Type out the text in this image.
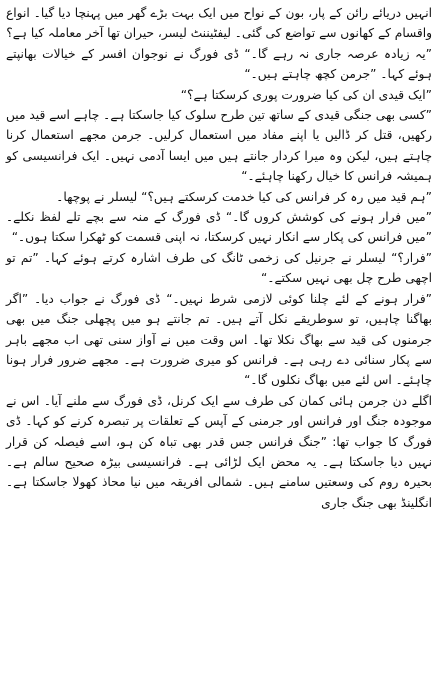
انہیں دریائے رائن کے پار، بون کے نواح میں ایک بہت بڑے گھر میں پہنچا دیا گیا۔ انواع واقسام کے کھانوں سے تواضع کی گئی۔ لیفٹیننٹ لیسر، حیران تھا آخر معاملہ کیا ہے؟

”یہ زیادہ عرصہ جاری نہ رہے گا۔“ ڈی فورگ نے نوجوان افسر کے خیالات بھانپتے ہوئے کہا۔ ”جرمن کچھ چاہتے ہیں۔“

”ایک قیدی ان کی کیا ضرورت پوری کرسکتا ہے؟“

”کسی بھی جنگی قیدی کے ساتھ تین طرح سلوک کیا جاسکتا ہے۔ چاہے اسے قید میں رکھیں، قتل کر ڈالیں یا اپنے مفاد میں استعمال کرلیں۔ جرمن مجھے استعمال کرنا چاہتے ہیں، لیکن وہ میرا کردار جانتے ہیں میں ایسا آدمی نہیں۔ ایک فرانسیسی کو ہمیشہ فرانس کا خیال رکھنا چاہئے۔“

”ہم قید میں رہ کر فرانس کی کیا خدمت کرسکتے ہیں؟“ لیسلر نے پوچھا۔

”میں فرار ہونے کی کوشش کروں گا۔“ ڈی فورگ کے منہ سے بچے تلے لفظ نکلے۔ ”میں فرانس کی پکار سے انکار نہیں کرسکتا، نہ اپنی قسمت کو ٹھکرا سکتا ہوں۔“

”فرار؟“ لیسلر نے جرنیل کی زخمی ٹانگ کی طرف اشارہ کرتے ہوئے کہا۔ ”تم تو اچھی طرح چل بھی نہیں سکتے۔“

”فرار ہونے کے لئے چلنا کوئی لازمی شرط نہیں۔“ ڈی فورگ نے جواب دیا۔ ”اگر بھاگنا چاہیں، تو سوطریقے نکل آتے ہیں۔ تم جانتے ہو میں پچھلی جنگ میں بھی جرمنوں کی قید سے بھاگ نکلا تھا۔ اس وقت میں نے آواز سنی تھی اب مجھے باہر سے پکار سنائی دے رہی ہے۔ فرانس کو میری ضرورت ہے۔ مجھے ضرور فرار ہونا چاہئے۔ اس لئے میں بھاگ نکلوں گا۔“

اگلے دن جرمن ہائی کمان کی طرف سے ایک کرنل، ڈی فورگ سے ملنے آیا۔ اس نے موجودہ جنگ اور فرانس اور جرمنی کے آپس کے تعلقات پر تبصرہ کرنے کو کہا۔ ڈی فورگ کا جواب تھا: ”جنگ فرانس جس قدر بھی تباہ کن ہو، اسے فیصلہ کن قرار نہیں دیا جاسکتا ہے۔ یہ محض ایک لڑائی ہے۔ فرانسیسی بیڑہ صحیح سالم ہے۔ بحیرہ روم کی وسعتیں سامنے ہیں۔ شمالی افریقہ میں نیا محاذ کھولا جاسکتا ہے۔ انگلینڈ بھی جنگ جاری
